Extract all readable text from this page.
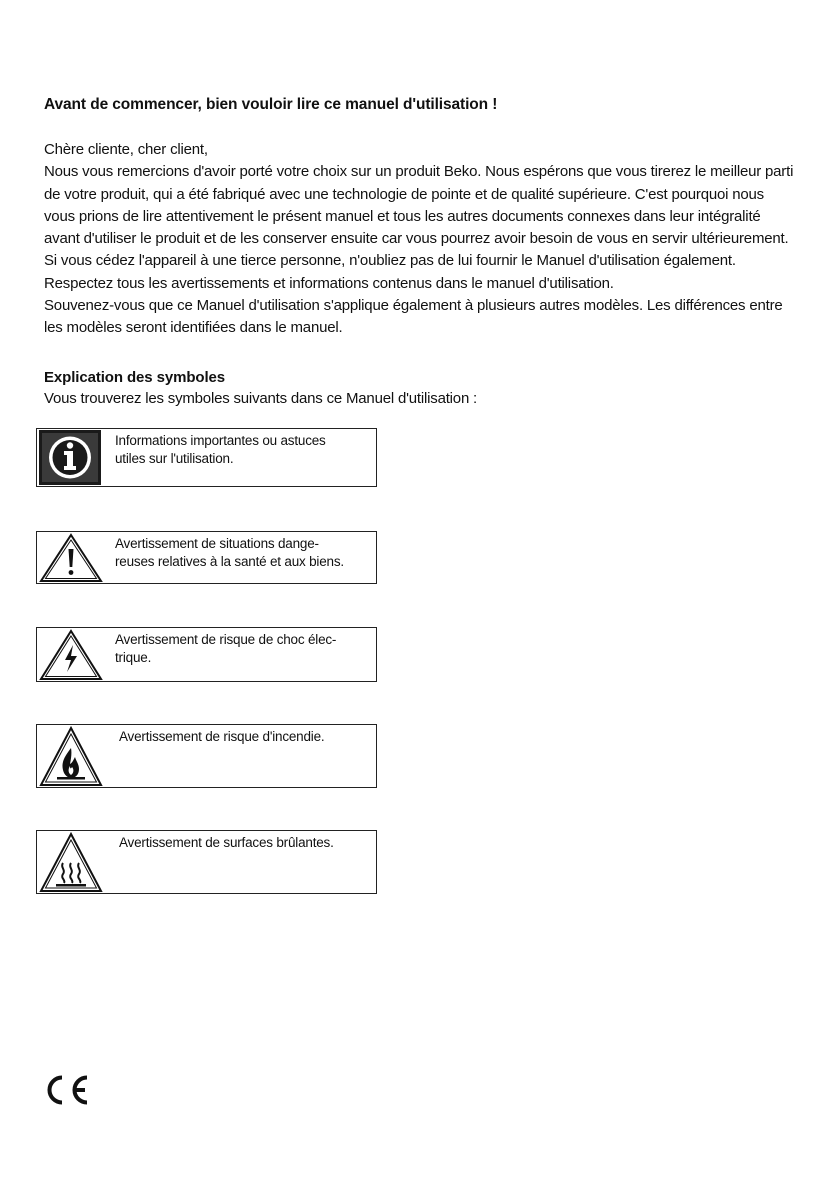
Avant de commencer, bien vouloir lire ce manuel d'utilisation !

Chère cliente, cher client,

Nous vous remercions d'avoir porté votre choix sur un produit Beko. Nous espérons que vous tirerez le meilleur parti de votre produit, qui a été fabriqué avec une technologie de pointe et de qualité supérieure. C'est pourquoi nous vous prions de lire attentivement le présent manuel et tous les autres documents connexes dans leur intégralité avant d'utiliser le produit et de les conserver ensuite car vous pourrez avoir besoin de vous en servir ultérieurement. Si vous cédez l'appareil à une tierce personne, n'oubliez pas de lui fournir le Manuel d'utilisation également. Respectez tous les avertissements et informations contenus dans le manuel d'utilisation.

Souvenez-vous que ce Manuel d'utilisation s'applique également à plusieurs autres modèles. Les différences entre les modèles seront identifiées dans le manuel.

Explication des symboles
Vous trouverez les symboles suivants dans ce Manuel d'utilisation :
Informations importantes ou astuces
utiles sur l'utilisation.
Avertissement de situations dange-
reuses relatives à la santé et aux biens.
Avertissement de risque de choc élec-
trique.
Avertissement de risque d'incendie.
Avertissement de surfaces brûlantes.
